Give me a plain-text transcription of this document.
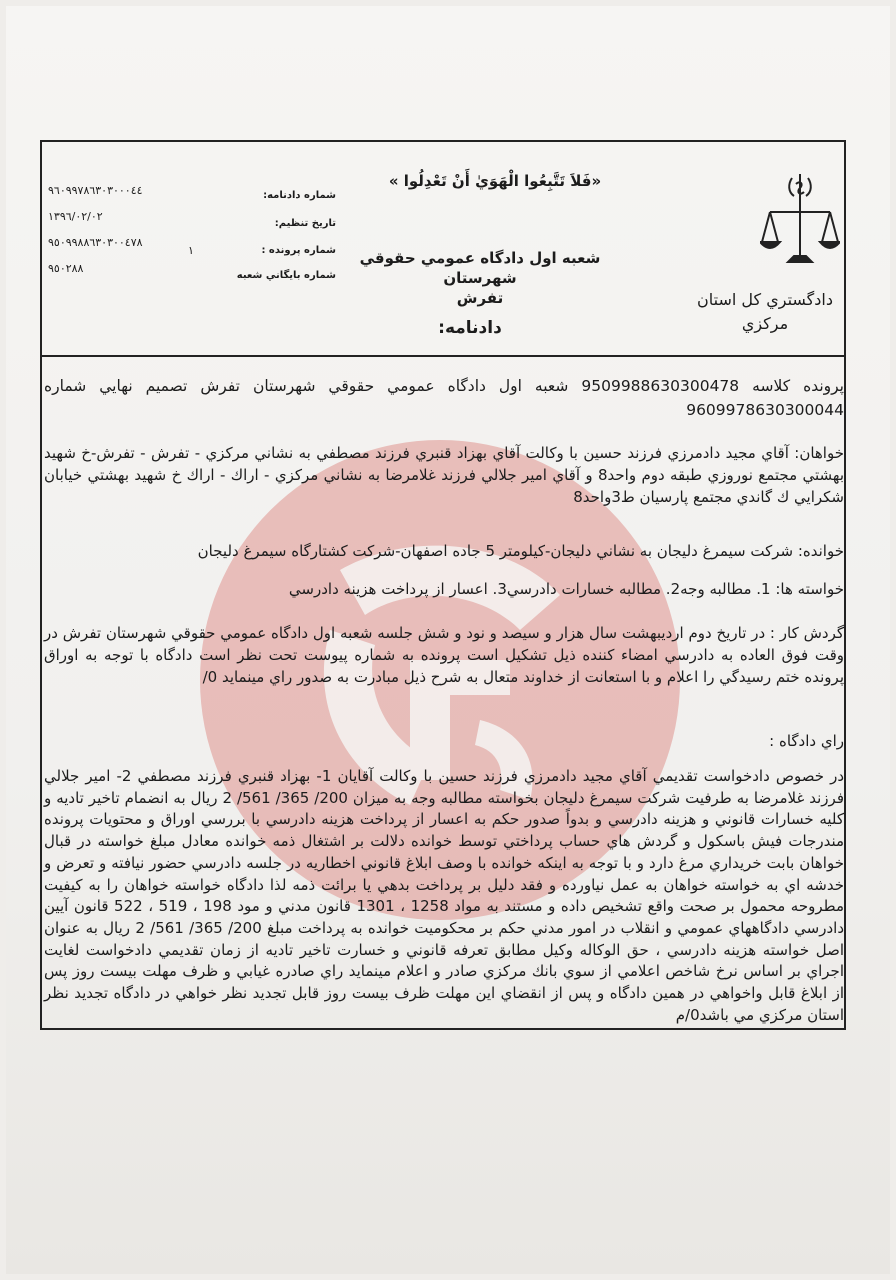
«فَلاَ تَتَّبِعُوا الْهَوَيٰ أَنْ تَعْدِلُوا »
شعبه اول دادگاه عمومي حقوقي شهرستان
تفرش	دادگستري كل استان
مركزي
دادنامه:
شماره دادنامه:
٩٦٠٩٩٧٨٦٣٠٣٠٠٠٤٤
تاريخ تنظيم:
١٣٩٦/٠٢/٠٢
شماره پرونده :
۱
٩٥٠٩٩٨٨٦٣٠٣٠٠٤٧٨
شماره بايگاني شعبه
٩٥٠٢٨٨
پرونده كلاسه 9509988630300478 شعبه اول دادگاه عمومي حقوقي شهرستان تفرش تصميم نهايي شماره 9609978630300044
خواهان: آقاي مجيد دادمرزي فرزند حسين با وكالت آقاي بهزاد قنبري فرزند مصطفي به نشاني مركزي - تفرش - تفرش-خ شهيد بهشتي مجتمع نوروزي طبقه دوم واحد8 و آقاي امير جلالي فرزند غلامرضا به نشاني مركزي - اراك - اراك خ شهيد بهشتي خيابان شكرايي ك گاندي مجتمع پارسيان ط3واحد8
خوانده: شركت سيمرغ دليجان به نشاني دليجان-كيلومتر 5 جاده اصفهان-شركت كشتارگاه سيمرغ دليجان
خواسته ها: 1. مطالبه وجه2. مطالبه خسارات دادرسي3. اعسار از پرداخت هزينه دادرسي
گردش كار : در تاريخ دوم ارديبهشت سال هزار و سيصد و نود و شش جلسه شعبه اول دادگاه عمومي حقوقي شهرستان تفرش در وقت فوق العاده به دادرسي امضاء كننده ذيل تشكيل است پرونده به شماره پيوست تحت نظر است دادگاه با توجه به اوراق پرونده ختم رسيدگي را اعلام و با استعانت از خداوند متعال به شرح ذيل مبادرت به صدور راي مينمايد 0/
راي دادگاه :
در خصوص دادخواست تقديمي آقاي مجيد دادمرزي فرزند حسين با وكالت آقايان 1- بهزاد قنبري فرزند مصطفي 2- امير جلالي فرزند غلامرضا به طرفيت شركت سيمرغ دليجان بخواسته مطالبه وجه به ميزان 200/ 365/ 561/ 2 ريال به انضمام تاخير تاديه و كليه خسارات قانوني و هزينه دادرسي و بدواً صدور حكم به اعسار از پرداخت هزينه دادرسي با بررسي اوراق و محتويات پرونده مندرجات فيش باسكول و گردش هاي حساب پرداختي توسط خوانده دلالت بر اشتغال ذمه خوانده معادل مبلغ خواسته در قبال خواهان بابت خريداري مرغ دارد و با توجه به اينكه خوانده با وصف ابلاغ قانوني اخطاريه در جلسه دادرسي حضور نيافته و تعرض و خدشه اي به خواسته خواهان به عمل نياورده و فقد دليل بر پرداخت بدهي يا برائت ذمه لذا دادگاه خواسته خواهان را به كيفيت مطروحه محمول بر صحت واقع تشخيص داده و مستند به مواد 1258 ، 1301 قانون مدني و مود 198 ، 519 ، 522 قانون آيين دادرسي دادگاههاي عمومي و انقلاب در امور مدني حكم بر محكوميت خوانده به پرداخت مبلغ 200/ 365/ 561/ 2 ريال به عنوان اصل خواسته هزينه دادرسي ، حق الوكاله وكيل مطابق تعرفه قانوني و خسارت تاخير تاديه از زمان تقديمي دادخواست لغايت اجراي بر اساس نرخ شاخص اعلامي از سوي بانك مركزي صادر و اعلام مينمايد راي صادره غيابي و ظرف مهلت بيست روز پس از ابلاغ قابل واخواهي در همين دادگاه و پس از انقضاي اين مهلت ظرف بيست روز قابل تجديد نظر خواهي در دادگاه تجديد نظر استان مركزي مي باشد0/م
